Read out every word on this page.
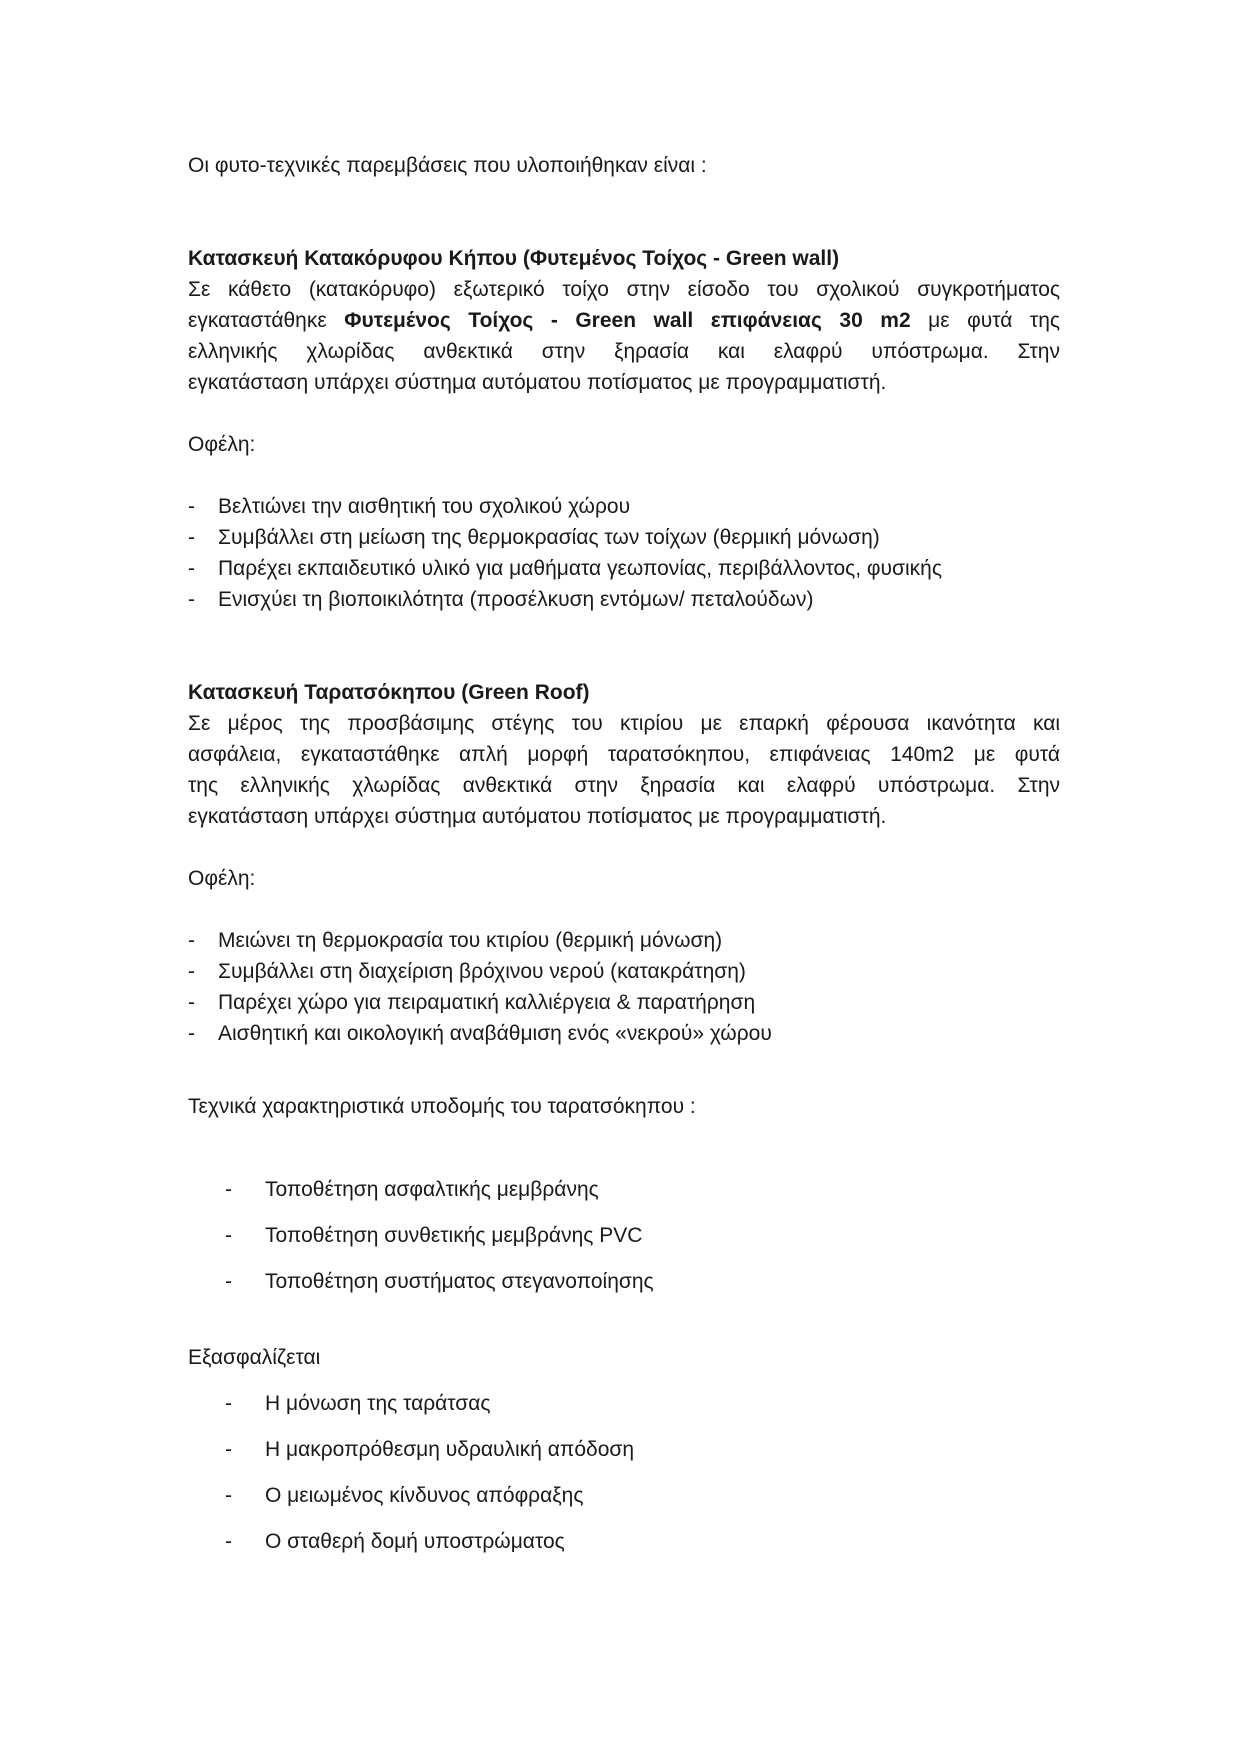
Οι φυτο-τεχνικές παρεμβάσεις που υλοποιήθηκαν είναι :

Κατασκευή Κατακόρυφου Κήπου (Φυτεμένος Τοίχος - Green wall)

Σε κάθετο (κατακόρυφο) εξωτερικό τοίχο στην είσοδο του σχολικού συγκροτήματος

εγκαταστάθηκε Φυτεμένος Τοίχος - Green wall επιφάνειας 30 m2 με φυτά της

ελληνικής χλωρίδας ανθεκτικά στην ξηρασία και ελαφρύ υπόστρωμα. Στην

εγκατάσταση υπάρχει σύστημα αυτόματου ποτίσματος με προγραμματιστή.

Οφέλη:

- Βελτιώνει την αισθητική του σχολικού χώρου
- Συμβάλλει στη μείωση της θερμοκρασίας των τοίχων (θερμική μόνωση)
- Παρέχει εκπαιδευτικό υλικό για μαθήματα γεωπονίας, περιβάλλοντος, φυσικής
- Ενισχύει τη βιοποικιλότητα (προσέλκυση εντόμων/ πεταλούδων)

Κατασκευή Ταρατσόκηπου (Green Roof)

Σε μέρος της προσβάσιμης στέγης του κτιρίου με επαρκή φέρουσα ικανότητα και

ασφάλεια, εγκαταστάθηκε απλή μορφή ταρατσόκηπου, επιφάνειας 140m2 με φυτά

της ελληνικής χλωρίδας ανθεκτικά στην ξηρασία και ελαφρύ υπόστρωμα. Στην

εγκατάσταση υπάρχει σύστημα αυτόματου ποτίσματος με προγραμματιστή.

Οφέλη:

- Μειώνει τη θερμοκρασία του κτιρίου (θερμική μόνωση)
- Συμβάλλει στη διαχείριση βρόχινου νερού (κατακράτηση)
- Παρέχει χώρο για πειραματική καλλιέργεια & παρατήρηση
- Αισθητική και οικολογική αναβάθμιση ενός «νεκρού» χώρου

Τεχνικά χαρακτηριστικά υποδομής του ταρατσόκηπου :

- Τοποθέτηση ασφαλτικής μεμβράνης
- Τοποθέτηση συνθετικής μεμβράνης PVC
- Τοποθέτηση συστήματος στεγανοποίησης

Εξασφαλίζεται

- Η μόνωση της ταράτσας
- Η μακροπρόθεσμη υδραυλική απόδοση
- Ο μειωμένος κίνδυνος απόφραξης
- Ο σταθερή δομή υποστρώματος
